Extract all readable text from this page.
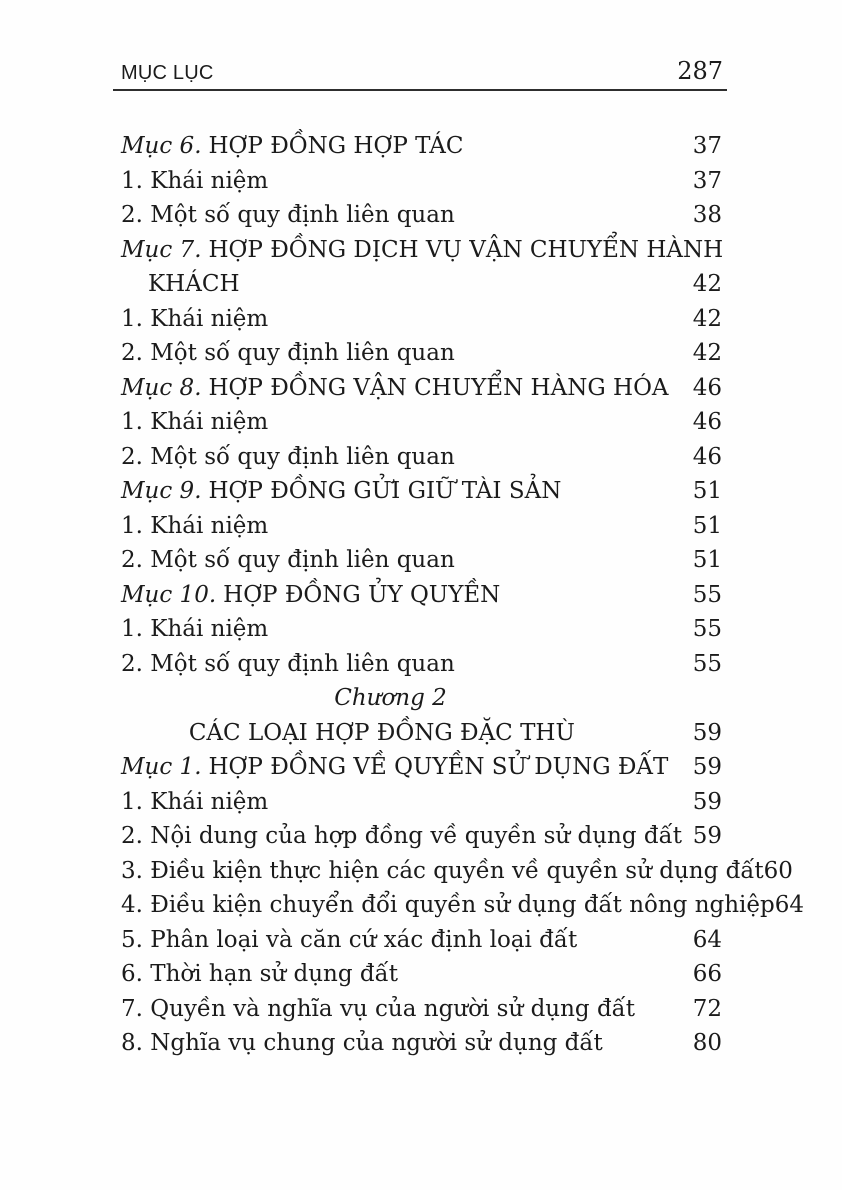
MỤC LỤC	287
Mục 6. HỢP ĐỒNG HỢP TÁC	37
1. Khái niệm	37
2. Một số quy định liên quan	38
Mục 7. HỢP ĐỒNG DỊCH VỤ VẬN CHUYỂN HÀNH
KHÁCH	42
1. Khái niệm	42
2. Một số quy định liên quan	42
Mục 8. HỢP ĐỒNG VẬN CHUYỂN HÀNG HÓA 46
1. Khái niệm	46
2. Một số quy định liên quan	46
Mục 9. HỢP ĐỒNG GỬI GIỮ TÀI SẢN	51
1. Khái niệm	51
2. Một số quy định liên quan	51
Mục 10. HỢP ĐỒNG ỦY QUYỀN	55
1. Khái niệm	55
2. Một số quy định liên quan	55
Chương 2
CÁC LOẠI HỢP ĐỒNG ĐẶC THÙ	59
Mục 1. HỢP ĐỒNG VỀ QUYỀN SỬ DỤNG ĐẤT 59
1. Khái niệm	59
2. Nội dung của hợp đồng về quyền sử dụng đất 59
3. Điều kiện thực hiện các quyền về quyền sử dụng đất 60
4. Điều kiện chuyển đổi quyền sử dụng đất nông nghiệp 64
5. Phân loại và căn cứ xác định loại đất	64
6. Thời hạn sử dụng đất	66
7. Quyền và nghĩa vụ của người sử dụng đất	72
8. Nghĩa vụ chung của người sử dụng đất	80
